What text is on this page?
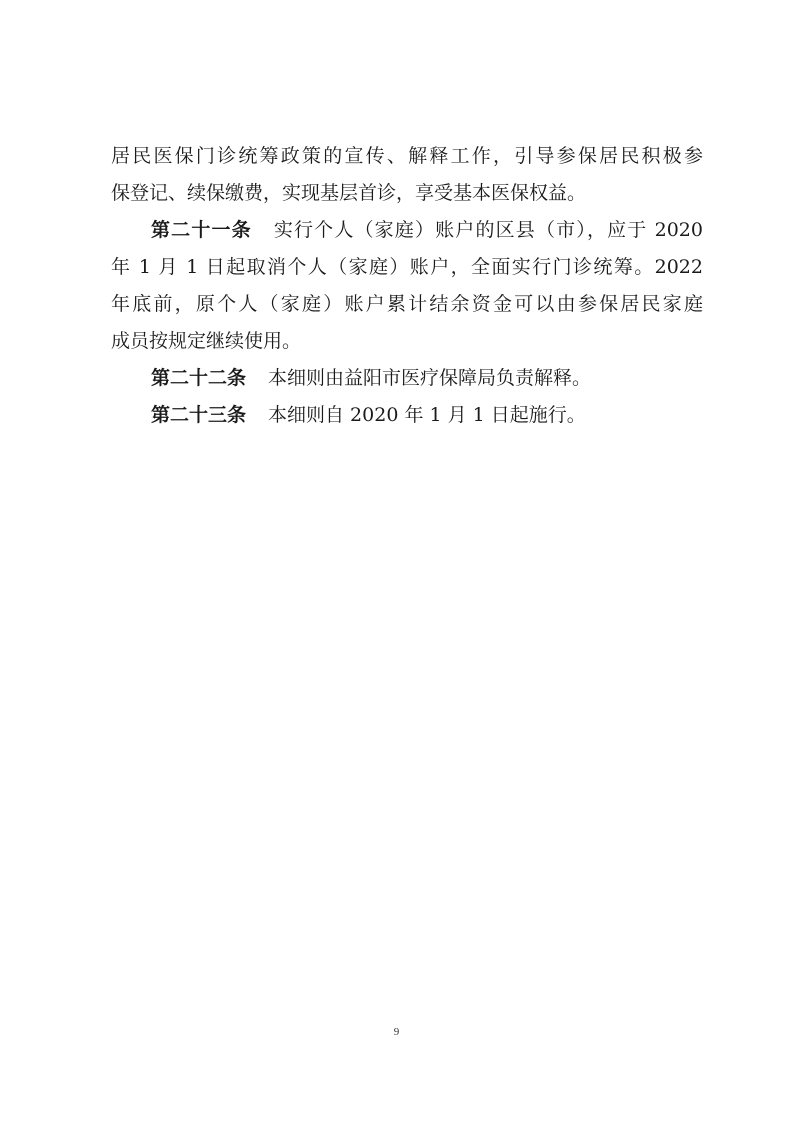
居民医保门诊统筹政策的宣传、解释工作，引导参保居民积极参
保登记、续保缴费，实现基层首诊，享受基本医保权益。
第二十一条 实行个人（家庭）账户的区县（市），应于 2020
年 1 月 1 日起取消个人（家庭）账户，全面实行门诊统筹。2022
年底前，原个人（家庭）账户累计结余资金可以由参保居民家庭
成员按规定继续使用。
第二十二条 本细则由益阳市医疗保障局负责解释。
第二十三条 本细则自 2020 年 1 月 1 日起施行。
9
